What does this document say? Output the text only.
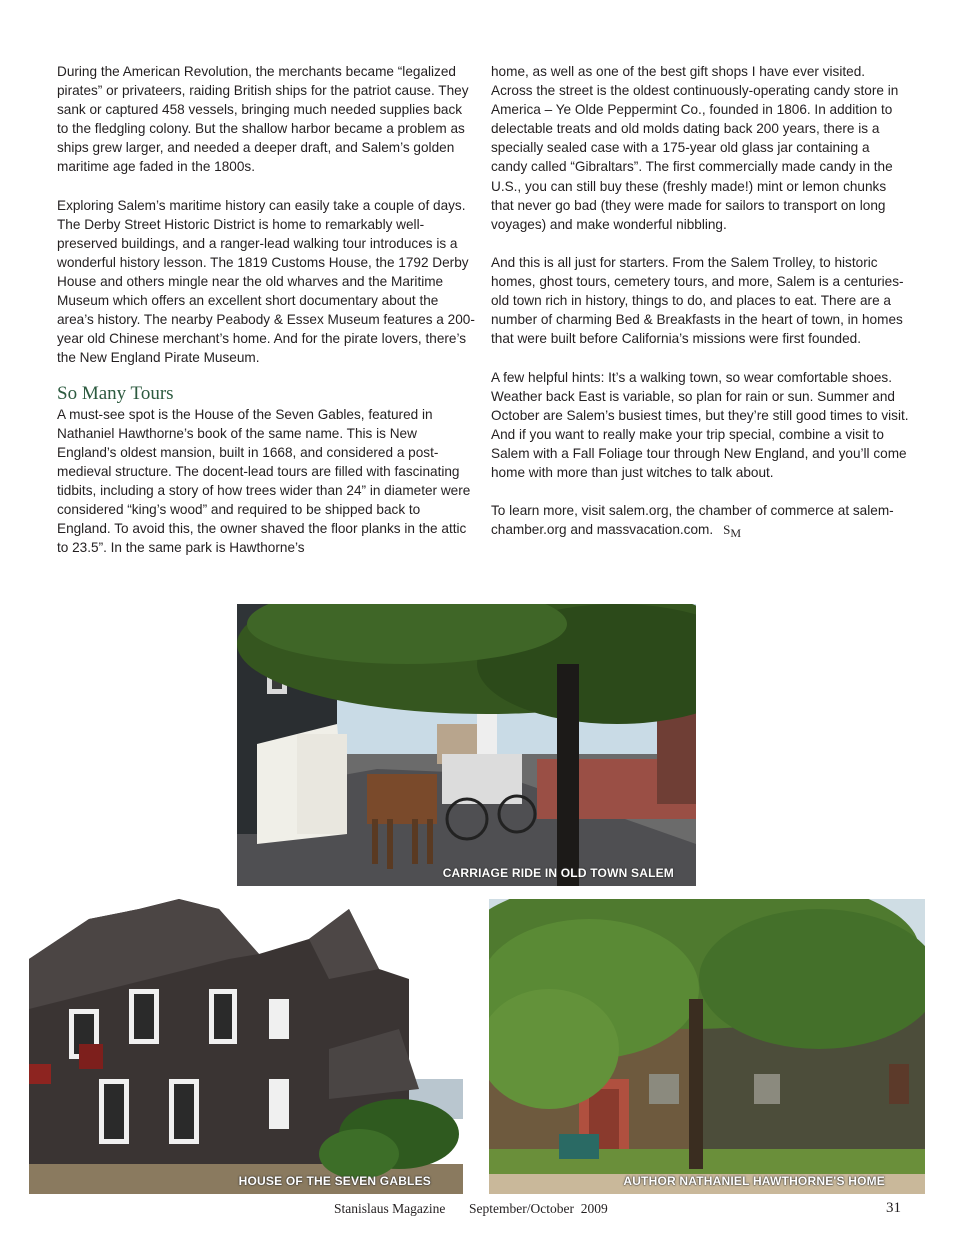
During the American Revolution, the merchants became “legalized pirates” or privateers, raiding British ships for the patriot cause. They sank or captured 458 vessels, bringing much needed supplies back to the fledgling colony. But the shallow harbor became a problem as ships grew larger, and needed a deeper draft, and Salem’s golden maritime age faded in the 1800s.

Exploring Salem’s maritime history can easily take a couple of days. The Derby Street Historic District is home to remarkably well-preserved buildings, and a ranger-lead walking tour introduces is a wonderful history lesson. The 1819 Customs House, the 1792 Derby House and others mingle near the old wharves and the Maritime Museum which offers an excellent short documentary about the area’s history. The nearby Peabody & Essex Museum features a 200-year old Chinese merchant’s home. And for the pirate lovers, there’s the New England Pirate Museum.

So Many Tours

A must-see spot is the House of the Seven Gables, featured in Nathaniel Hawthorne’s book of the same name. This is New England’s oldest mansion, built in 1668, and considered a post-medieval structure. The docent-lead tours are filled with fascinating tidbits, including a story of how trees wider than 24” in diameter were considered “king’s wood” and required to be shipped back to England. To avoid this, the owner shaved the floor planks in the attic to 23.5”. In the same park is Hawthorne’s

home, as well as one of the best gift shops I have ever visited. Across the street is the oldest continuously-operating candy store in America – Ye Olde Peppermint Co., founded in 1806. In addition to delectable treats and old molds dating back 200 years, there is a specially sealed case with a 175-year old glass jar containing a candy called “Gibraltars”. The first commercially made candy in the U.S., you can still buy these (freshly made!) mint or lemon chunks that never go bad (they were made for sailors to transport on long voyages) and make wonderful nibbling.

And this is all just for starters. From the Salem Trolley, to historic homes, ghost tours, cemetery tours, and more, Salem is a centuries-old town rich in history, things to do, and places to eat. There are a number of charming Bed & Breakfasts in the heart of town, in homes that were built before California’s missions were first founded.

A few helpful hints: It’s a walking town, so wear comfortable shoes. Weather back East is variable, so plan for rain or sun. Summer and October are Salem’s busiest times, but they’re still good times to visit. And if you want to really make your trip special, combine a visit to Salem with a Fall Foliage tour through New England, and you’ll come home with more than just witches to talk about.

To learn more, visit salem.org, the chamber of commerce at salem-chamber.org and massvacation.com. $S_M$

CARRIAGE RIDE IN OLD TOWN SALEM
HOUSE OF THE SEVEN GABLES	AUTHOR NATHANIEL HAWTHORNE'S HOME
Stanislaus Magazine September/October  2009	31
